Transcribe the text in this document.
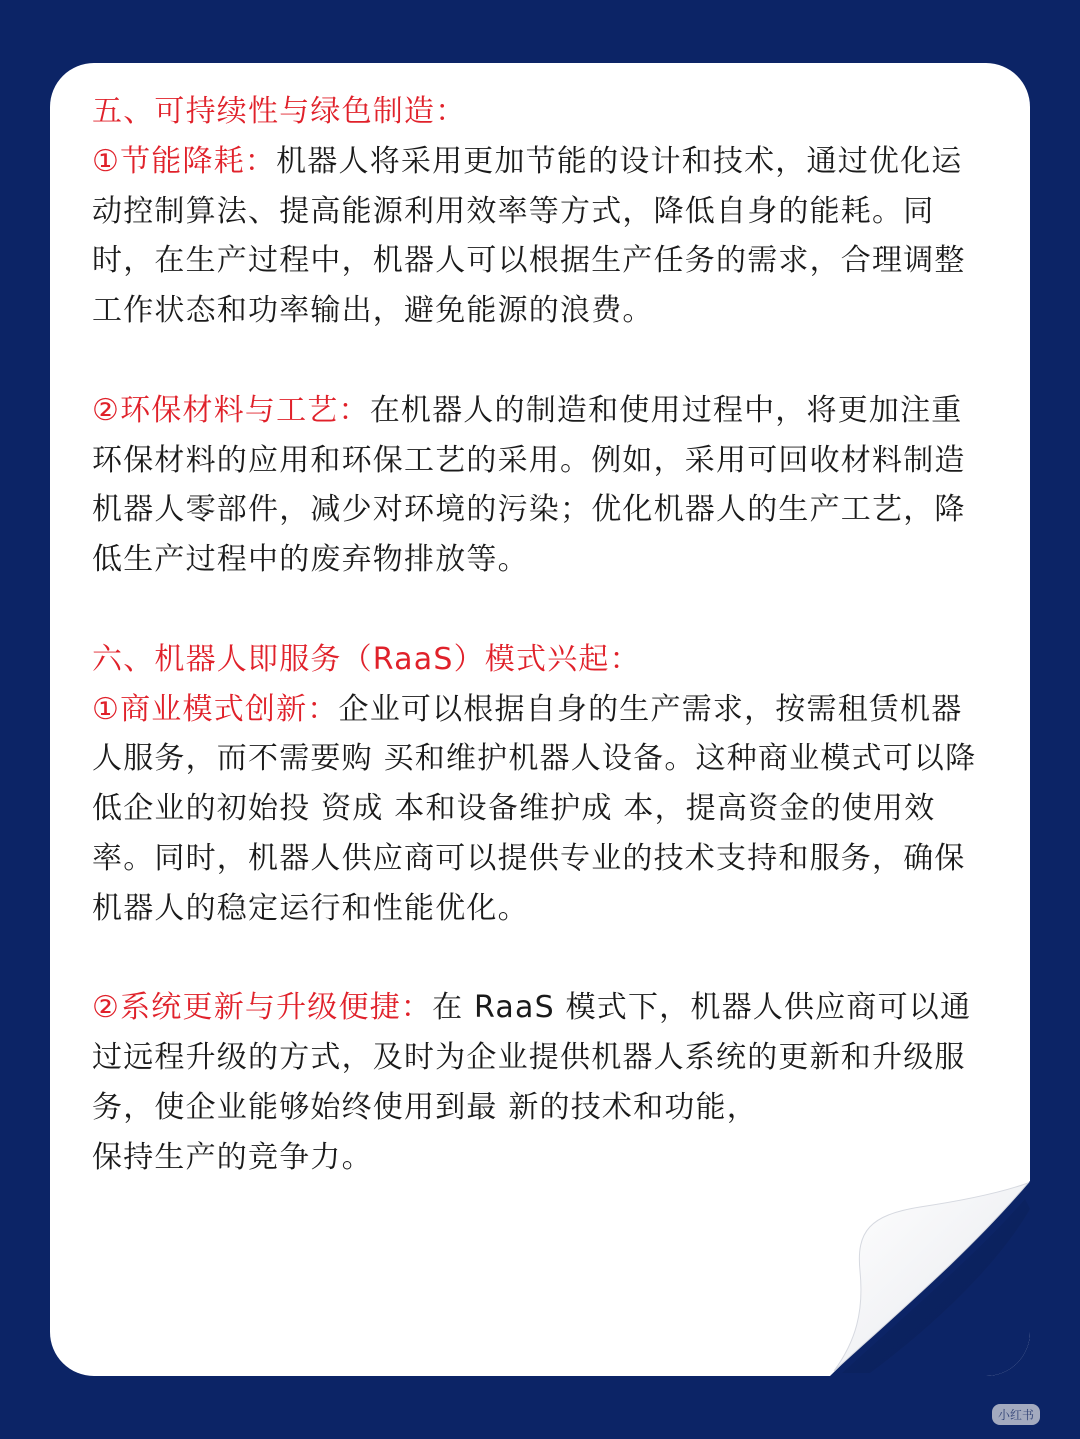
五、可持续性与绿色制造：

①节能降耗：机器人将采用更加节能的设计和技术，通过优化运动控制算法、提高能源利用效率等方式，降低自身的能耗。同时，在生产过程中，机器人可以根据生产任务的需求，合理调整工作状态和功率输出，避免能源的浪费。

②环保材料与工艺：在机器人的制造和使用过程中，将更加注重环保材料的应用和环保工艺的采用。例如，采用可回收材料制造机器人零部件，减少对环境的污染；优化机器人的生产工艺，降低生产过程中的废弃物排放等。

六、机器人即服务（RaaS）模式兴起：

①商业模式创新：企业可以根据自身的生产需求，按需租赁机器人服务，而不需要购 买和维护机器人设备。这种商业模式可以降低企业的初始投 资成 本和设备维护成 本，提高资金的使用效率。同时，机器人供应商可以提供专业的技术支持和服务，确保机器人的稳定运行和性能优化。

②系统更新与升级便捷：在 RaaS 模式下，机器人供应商可以通过远程升级的方式，及时为企业提供机器人系统的更新和升级服务，使企业能够始终使用到最 新的技术和功能，
保持生产的竞争力。

小红书
